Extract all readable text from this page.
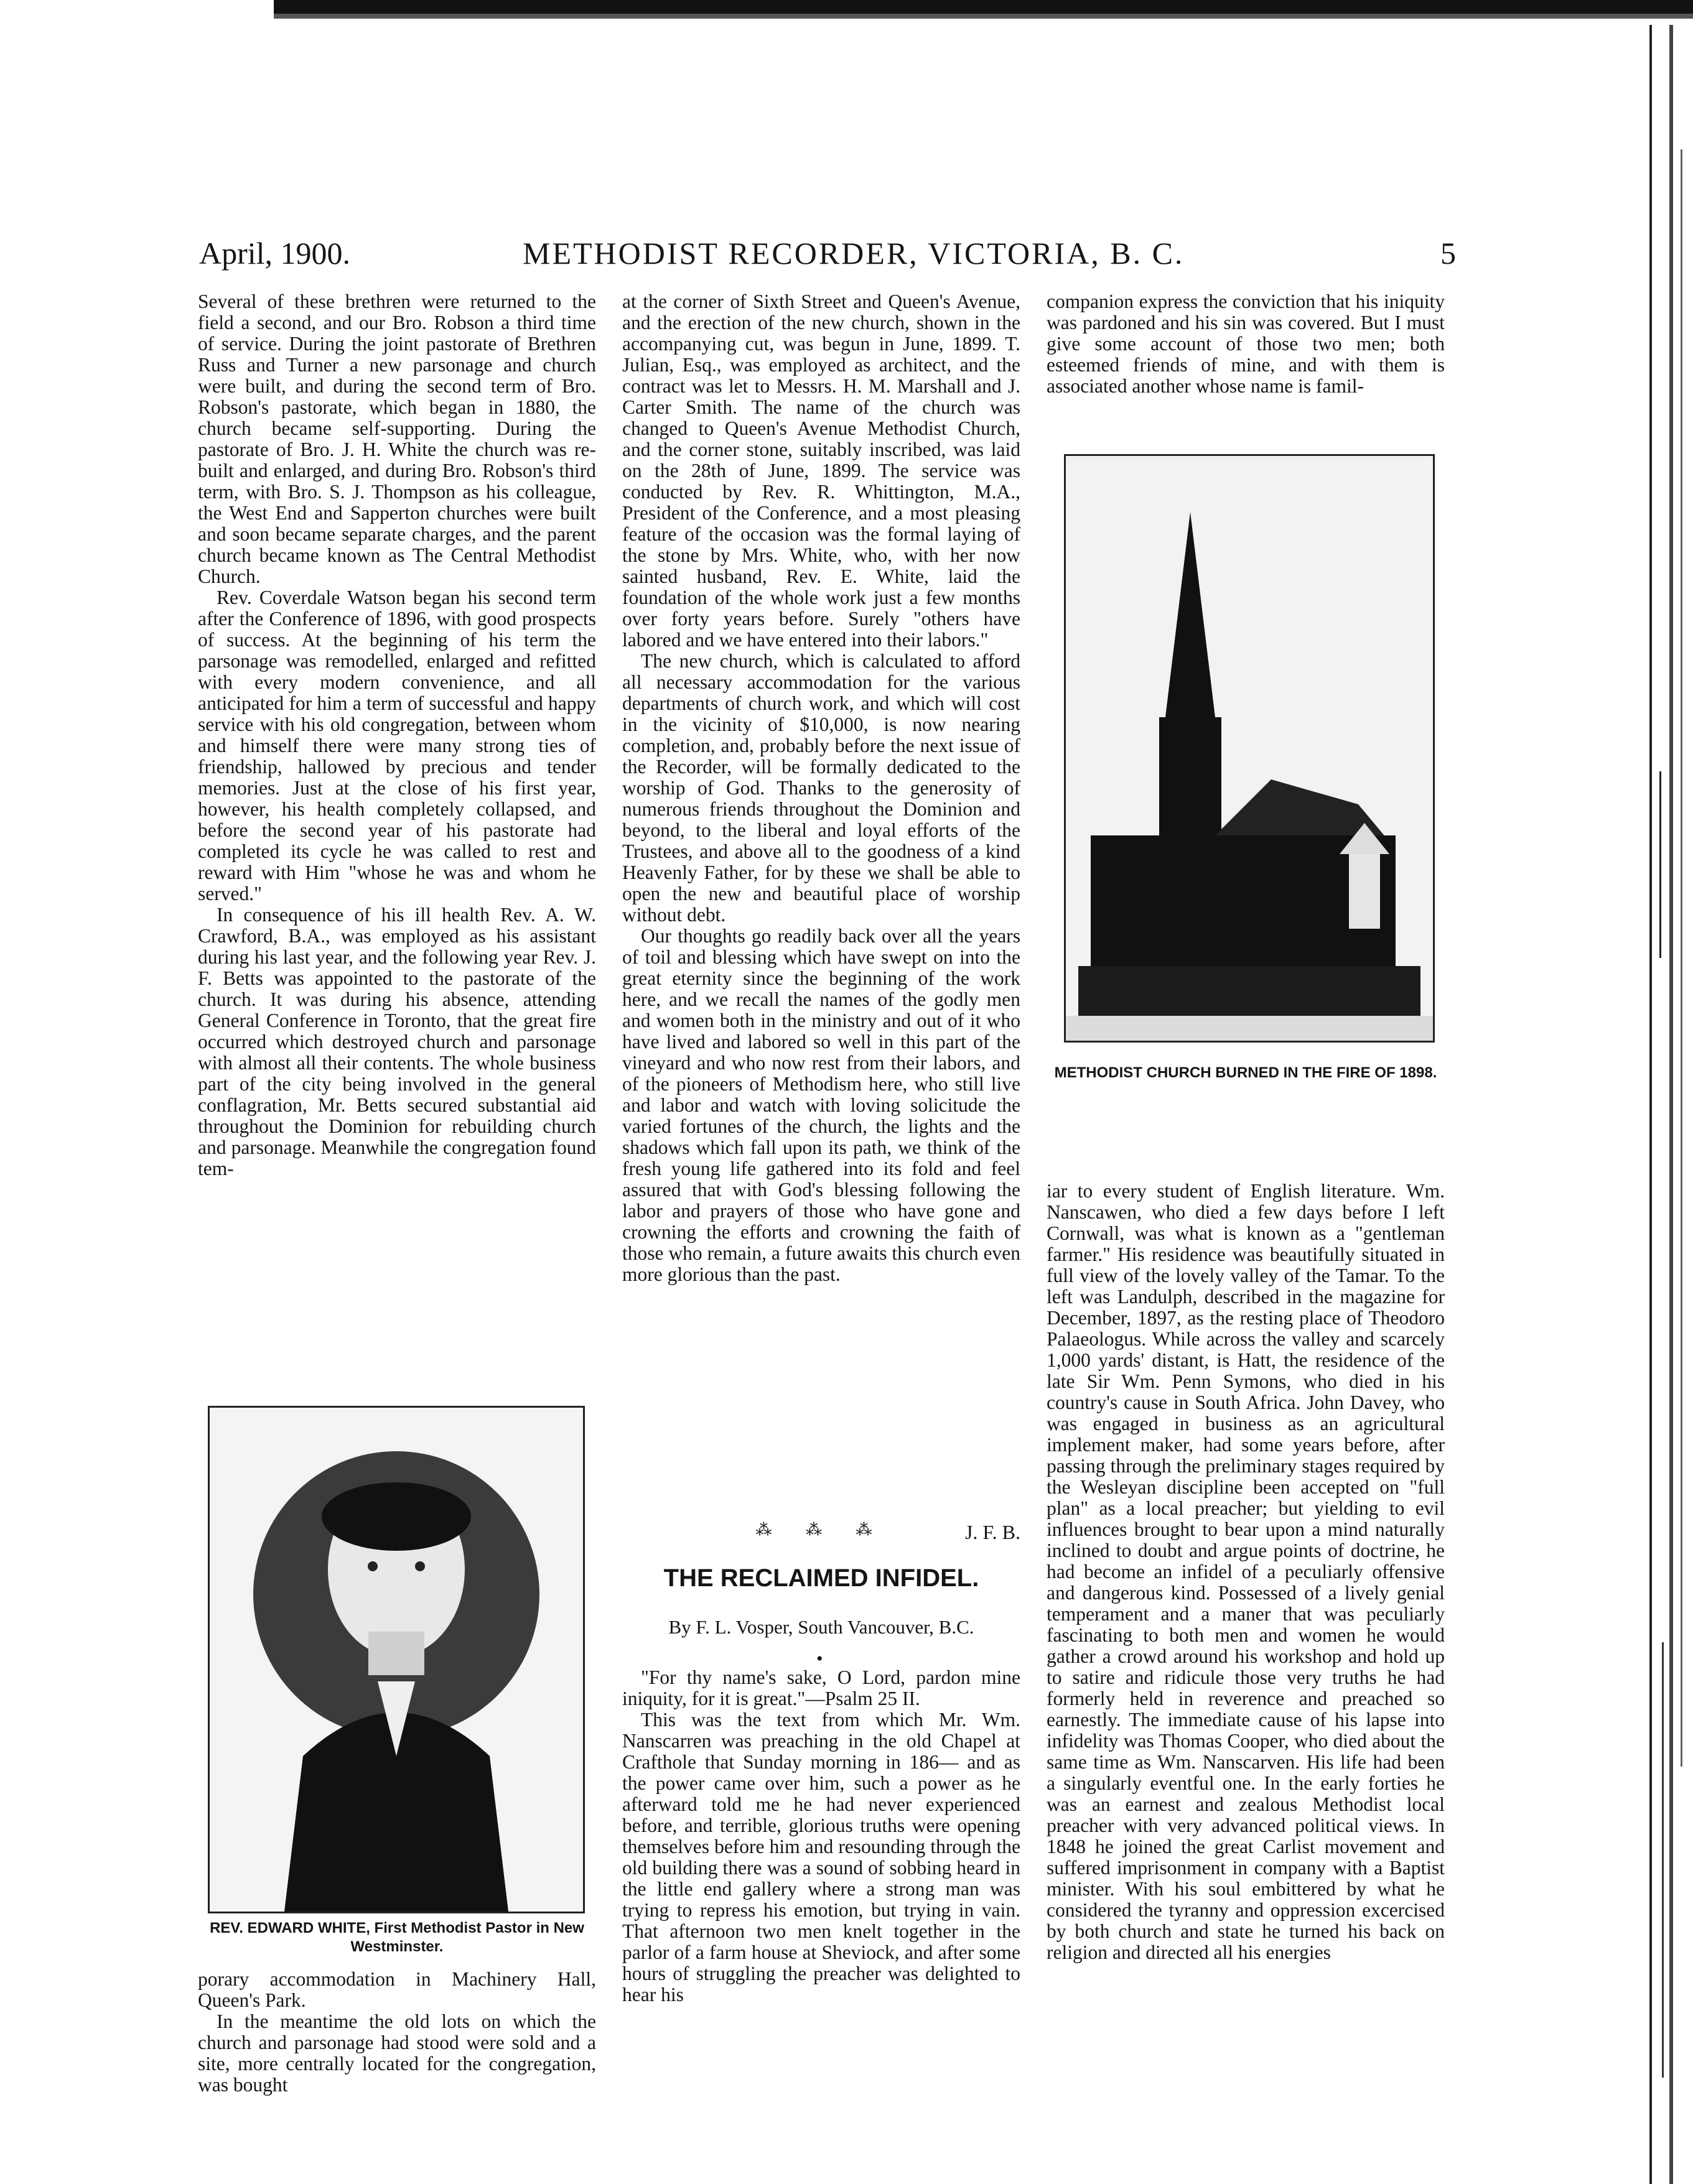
April, 1900.	METHODIST RECORDER, VICTORIA, B. C.	5

Several of these brethren were returned to the field a second, and our Bro. Robson a third time of service. During the joint pastorate of Brethren Russ and Turner a new parsonage and church were built, and during the second term of Bro. Robson's pastorate, which began in 1880, the church became self-supporting. During the pastorate of Bro. J. H. White the church was re-built and enlarged, and during Bro. Robson's third term, with Bro. S. J. Thompson as his colleague, the West End and Sapperton churches were built and soon became separate charges, and the parent church became known as The Central Methodist Church.

Rev. Coverdale Watson began his second term after the Conference of 1896, with good prospects of success. At the beginning of his term the parsonage was remodelled, enlarged and refitted with every modern convenience, and all anticipated for him a term of successful and happy service with his old congregation, between whom and himself there were many strong ties of friendship, hallowed by precious and tender memories. Just at the close of his first year, however, his health completely collapsed, and before the second year of his pastorate had completed its cycle he was called to rest and reward with Him "whose he was and whom he served."

In consequence of his ill health Rev. A. W. Crawford, B.A., was employed as his assistant during his last year, and the following year Rev. J. F. Betts was appointed to the pastorate of the church. It was during his absence, attending General Conference in Toronto, that the great fire occurred which destroyed church and parsonage with almost all their contents. The whole business part of the city being involved in the general conflagration, Mr. Betts secured substantial aid throughout the Dominion for rebuilding church and parsonage. Meanwhile the congregation found tem-

REV. EDWARD WHITE, First Methodist Pastor in New Westminster.

porary accommodation in Machinery Hall, Queen's Park.

In the meantime the old lots on which the church and parsonage had stood were sold and a site, more centrally located for the congregation, was bought

at the corner of Sixth Street and Queen's Avenue, and the erection of the new church, shown in the accompanying cut, was begun in June, 1899. T. Julian, Esq., was employed as architect, and the contract was let to Messrs. H. M. Marshall and J. Carter Smith. The name of the church was changed to Queen's Avenue Methodist Church, and the corner stone, suitably inscribed, was laid on the 28th of June, 1899. The service was conducted by Rev. R. Whittington, M.A., President of the Conference, and a most pleasing feature of the occasion was the formal laying of the stone by Mrs. White, who, with her now sainted husband, Rev. E. White, laid the foundation of the whole work just a few months over forty years before. Surely "others have labored and we have entered into their labors."

The new church, which is calculated to afford all necessary accommodation for the various departments of church work, and which will cost in the vicinity of $10,000, is now nearing completion, and, probably before the next issue of the Recorder, will be formally dedicated to the worship of God. Thanks to the generosity of numerous friends throughout the Dominion and beyond, to the liberal and loyal efforts of the Trustees, and above all to the goodness of a kind Heavenly Father, for by these we shall be able to open the new and beautiful place of worship without debt.

Our thoughts go readily back over all the years of toil and blessing which have swept on into the great eternity since the beginning of the work here, and we recall the names of the godly men and women both in the ministry and out of it who have lived and labored so well in this part of the vineyard and who now rest from their labors, and of the pioneers of Methodism here, who still live and labor and watch with loving solicitude the varied fortunes of the church, the lights and the shadows which fall upon its path, we think of the fresh young life gathered into its fold and feel assured that with God's blessing following the labor and prayers of those who have gone and crowning the efforts and crowning the faith of those who remain, a future awaits this church even more glorious than the past.

J. F. B.
⁂ ⁂ ⁂
THE RECLAIMED INFIDEL.
By F. L. Vosper, South Vancouver, B.C.
•

"For thy name's sake, O Lord, pardon mine iniquity, for it is great."—Psalm 25 II.

This was the text from which Mr. Wm. Nanscarren was preaching in the old Chapel at Crafthole that Sunday morning in 186— and as the power came over him, such a power as he afterward told me he had never experienced before, and terrible, glorious truths were opening themselves before him and resounding through the old building there was a sound of sobbing heard in the little end gallery where a strong man was trying to repress his emotion, but trying in vain. That afternoon two men knelt together in the parlor of a farm house at Sheviock, and after some hours of struggling the preacher was delighted to hear his

companion express the conviction that his iniquity was pardoned and his sin was covered. But I must give some account of those two men; both esteemed friends of mine, and with them is associated another whose name is famil-

METHODIST CHURCH BURNED IN THE FIRE OF 1898.

iar to every student of English literature. Wm. Nanscawen, who died a few days before I left Cornwall, was what is known as a "gentleman farmer." His residence was beautifully situated in full view of the lovely valley of the Tamar. To the left was Landulph, described in the magazine for December, 1897, as the resting place of Theodoro Palaeologus. While across the valley and scarcely 1,000 yards' distant, is Hatt, the residence of the late Sir Wm. Penn Symons, who died in his country's cause in South Africa. John Davey, who was engaged in business as an agricultural implement maker, had some years before, after passing through the preliminary stages required by the Wesleyan discipline been accepted on "full plan" as a local preacher; but yielding to evil influences brought to bear upon a mind naturally inclined to doubt and argue points of doctrine, he had become an infidel of a peculiarly offensive and dangerous kind. Possessed of a lively genial temperament and a maner that was peculiarly fascinating to both men and women he would gather a crowd around his workshop and hold up to satire and ridicule those very truths he had formerly held in reverence and preached so earnestly. The immediate cause of his lapse into infidelity was Thomas Cooper, who died about the same time as Wm. Nanscarven. His life had been a singularly eventful one. In the early forties he was an earnest and zealous Methodist local preacher with very advanced political views. In 1848 he joined the great Carlist movement and suffered imprisonment in company with a Baptist minister. With his soul embittered by what he considered the tyranny and oppression excercised by both church and state he turned his back on religion and directed all his energies
